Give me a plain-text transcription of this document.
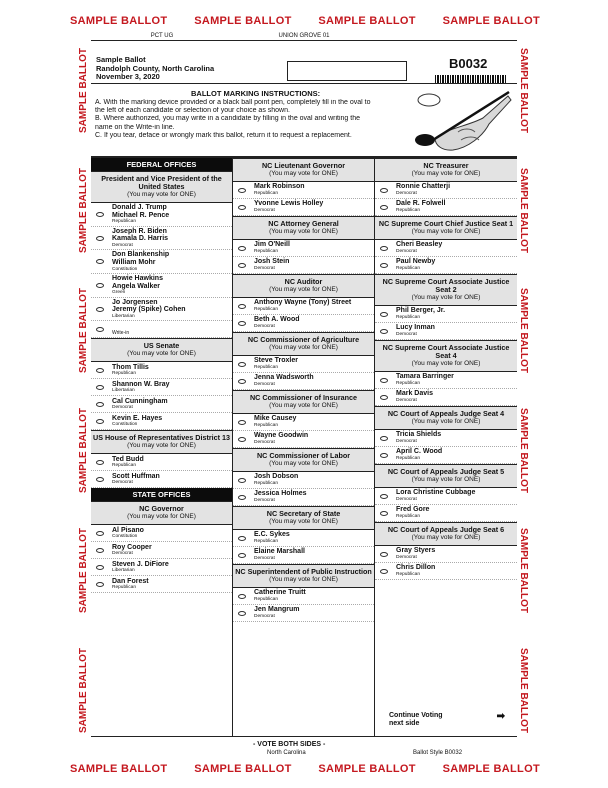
SAMPLE BALLOT SAMPLE BALLOT SAMPLE BALLOT SAMPLE BALLOT
SAMPLE BALLOT SAMPLE BALLOT SAMPLE BALLOT SAMPLE BALLOT
SAMPLE BALLOT
SAMPLE BALLOT
SAMPLE BALLOT
SAMPLE BALLOT
SAMPLE BALLOT
SAMPLE BALLOT
SAMPLE BALLOT
SAMPLE BALLOT
SAMPLE BALLOT
SAMPLE BALLOT
SAMPLE BALLOT
SAMPLE BALLOT
PCT UG	UNION GROVE 01
Sample Ballot
Randolph County, North Carolina
November 3, 2020
B0032
BALLOT MARKING INSTRUCTIONS:
A. With the marking device provided or a black ball point pen, completely fill in the oval to
the left of each candidate or selection of your choice as shown.
B. Where authorized, you may write in a candidate by filling in the oval and writing the
name on the Write-in line.
C. If you tear, deface or wrongly mark this ballot, return it to request a replacement.
FEDERAL OFFICES
President and Vice President of the United States
(You may vote for ONE)
Donald J. Trump
Michael R. Pence
Republican
Joseph R. Biden
Kamala D. Harris
Democrat
Don Blankenship
William Mohr
Constitution
Howie Hawkins
Angela Walker
Green
Jo Jorgensen
Jeremy (Spike) Cohen
Libertarian
Write-in
US Senate
(You may vote for ONE)
Thom Tillis
Republican
Shannon W. Bray
Libertarian
Cal Cunningham
Democrat
Kevin E. Hayes
Constitution
US House of Representatives District 13
(You may vote for ONE)
Ted Budd
Republican
Scott Huffman
Democrat
STATE OFFICES
NC Governor
(You may vote for ONE)
Al Pisano
Constitution
Roy Cooper
Democrat
Steven J. DiFiore
Libertarian
Dan Forest
Republican
NC Lieutenant Governor
(You may vote for ONE)
Mark Robinson
Republican
Yvonne Lewis Holley
Democrat
NC Attorney General
(You may vote for ONE)
Jim O'Neill
Republican
Josh Stein
Democrat
NC Auditor
(You may vote for ONE)
Anthony Wayne (Tony) Street
Republican
Beth A. Wood
Democrat
NC Commissioner of Agriculture
(You may vote for ONE)
Steve Troxler
Republican
Jenna Wadsworth
Democrat
NC Commissioner of Insurance
(You may vote for ONE)
Mike Causey
Republican
Wayne Goodwin
Democrat
NC Commissioner of Labor
(You may vote for ONE)
Josh Dobson
Republican
Jessica Holmes
Democrat
NC Secretary of State
(You may vote for ONE)
E.C. Sykes
Republican
Elaine Marshall
Democrat
NC Superintendent of Public Instruction
(You may vote for ONE)
Catherine Truitt
Republican
Jen Mangrum
Democrat
NC Treasurer
(You may vote for ONE)
Ronnie Chatterji
Democrat
Dale R. Folwell
Republican
NC Supreme Court Chief Justice Seat 1
(You may vote for ONE)
Cheri Beasley
Democrat
Paul Newby
Republican
NC Supreme Court Associate Justice Seat 2
(You may vote for ONE)
Phil Berger, Jr.
Republican
Lucy Inman
Democrat
NC Supreme Court Associate Justice Seat 4
(You may vote for ONE)
Tamara Barringer
Republican
Mark Davis
Democrat
NC Court of Appeals Judge Seat 4
(You may vote for ONE)
Tricia Shields
Democrat
April C. Wood
Republican
NC Court of Appeals Judge Seat 5
(You may vote for ONE)
Lora Christine Cubbage
Democrat
Fred Gore
Republican
NC Court of Appeals Judge Seat 6
(You may vote for ONE)
Gray Styers
Democrat
Chris Dillon
Republican
Continue Voting
next side
➡
- VOTE BOTH SIDES -
North Carolina	Ballot Style B0032
